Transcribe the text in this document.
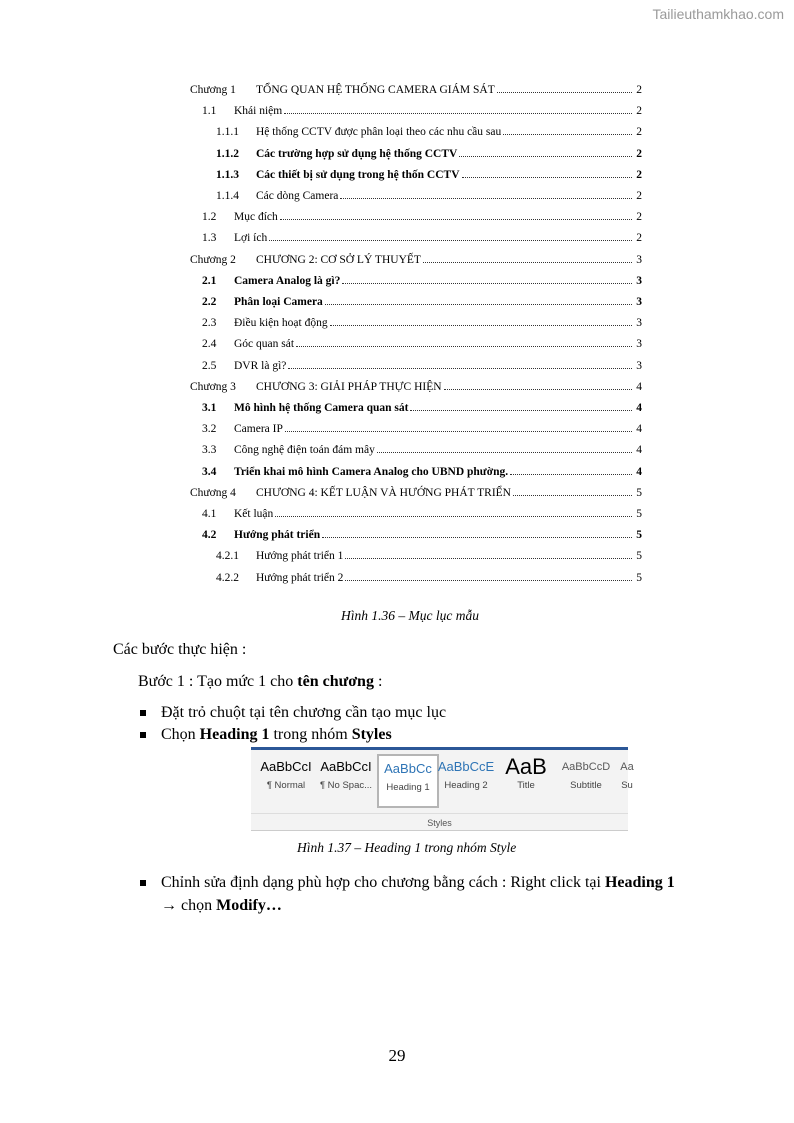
Tailieuthamkhao.com
Chương 1	TỔNG QUAN HỆ THỐNG CAMERA GIÁM SÁT	2
1.1	Khái niệm	2
1.1.1	Hệ thống CCTV được phân loại theo các nhu cầu sau	2
1.1.2	Các trường hợp sử dụng hệ thống CCTV	2
1.1.3	Các thiết bị sử dụng trong hệ thốn CCTV	2
1.1.4	Các dòng Camera	2
1.2	Mục đích	2
1.3	Lợi ích	2
Chương 2	CHƯƠNG 2: CƠ SỞ LÝ THUYẾT	3
2.1	Camera Analog là gì?	3
2.2	Phân loại Camera	3
2.3	Điều kiện hoạt động	3
2.4	Góc quan sát	3
2.5	DVR là gì?	3
Chương 3	CHƯƠNG 3: GIẢI PHÁP THỰC HIỆN	4
3.1	Mô hình hệ thống Camera quan sát	4
3.2	Camera IP	4
3.3	Công nghệ điện toán đám mây	4
3.4	Triển khai mô hình Camera Analog cho UBND phường.	4
Chương 4	CHƯƠNG 4: KẾT LUẬN VÀ HƯỚNG PHÁT TRIỂN	5
4.1	Kết luận	5
4.2	Hướng phát triển	5
4.2.1	Hướng phát triển 1	5
4.2.2	Hướng phát triển 2	5
Hình 1.36 – Mục lục mẫu
Các bước thực hiện :
Bước 1 : Tạo mức 1 cho tên chương :
Đặt trỏ chuột tại tên chương cần tạo mục lục
Chọn Heading 1 trong nhóm Styles
AaBbCcI
¶ Normal
AaBbCcI
¶ No Spac...
AaBbCc
Heading 1
AaBbCcE
Heading 2
AaB
Title
AaBbCcD
Subtitle
Aa
Su
Styles
Hình 1.37 – Heading 1 trong nhóm Style
Chỉnh sửa định dạng phù hợp cho chương bằng cách : Right click tại Heading 1
→ chọn Modify…
29
